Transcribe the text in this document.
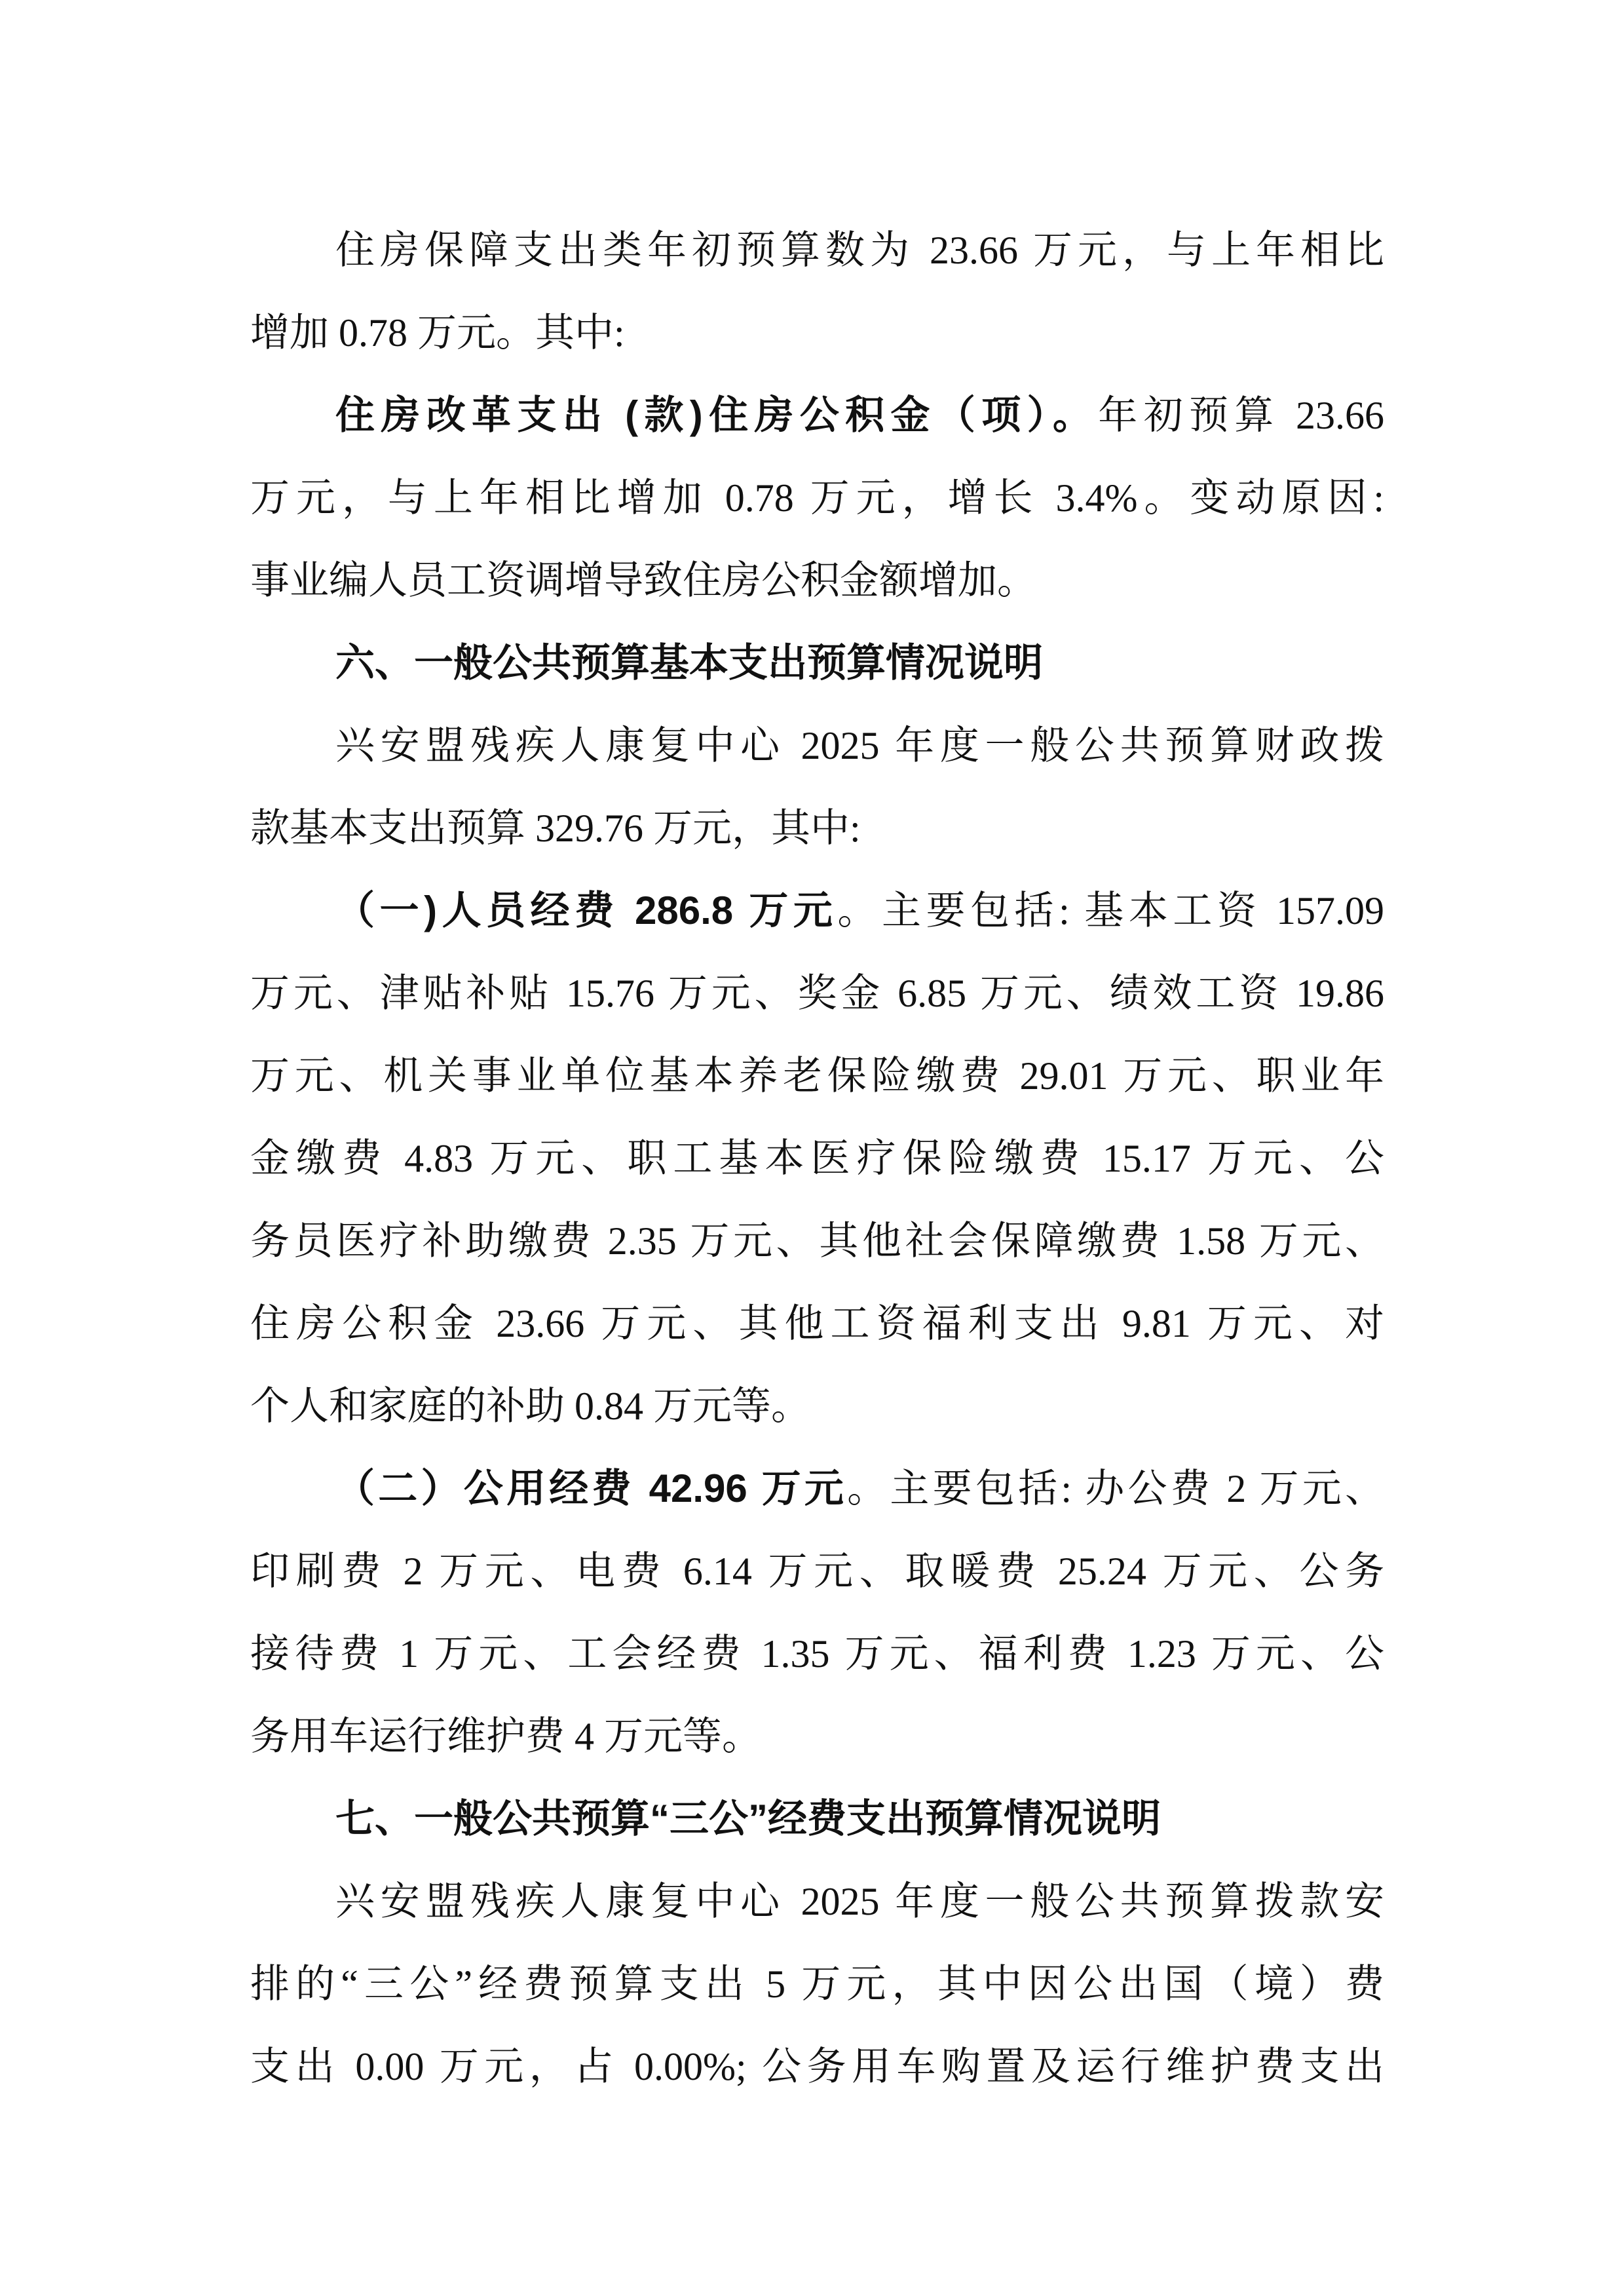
住房保障支出类年初预算数为 23.66 万元，与上年相比
增加 0.78 万元。其中:
住房改革支出 (款)住房公积金（项）。年初预算 23.66
万元，与上年相比增加 0.78 万元，增长 3.4%。变动原因:
事业编人员工资调增导致住房公积金额增加。
六、一般公共预算基本支出预算情况说明
兴安盟残疾人康复中心 2025 年度一般公共预算财政拨
款基本支出预算 329.76 万元，其中:
（一)人员经费 286.8 万元。主要包括: 基本工资 157.09
万元、津贴补贴 15.76 万元、奖金 6.85 万元、绩效工资 19.86
万元、机关事业单位基本养老保险缴费 29.01 万元、职业年
金缴费 4.83 万元、职工基本医疗保险缴费 15.17 万元、公
务员医疗补助缴费 2.35 万元、其他社会保障缴费 1.58 万元、
住房公积金 23.66 万元、其他工资福利支出 9.81 万元、对
个人和家庭的补助 0.84 万元等。
（二）公用经费 42.96 万元。主要包括: 办公费 2 万元、
印刷费 2 万元、电费 6.14 万元、取暖费 25.24 万元、公务
接待费 1 万元、工会经费 1.35 万元、福利费 1.23 万元、公
务用车运行维护费 4 万元等。
七、一般公共预算“三公”经费支出预算情况说明
兴安盟残疾人康复中心 2025 年度一般公共预算拨款安
排的“三公”经费预算支出 5 万元，其中因公出国（境）费
支出 0.00 万元，占 0.00%; 公务用车购置及运行维护费支出
